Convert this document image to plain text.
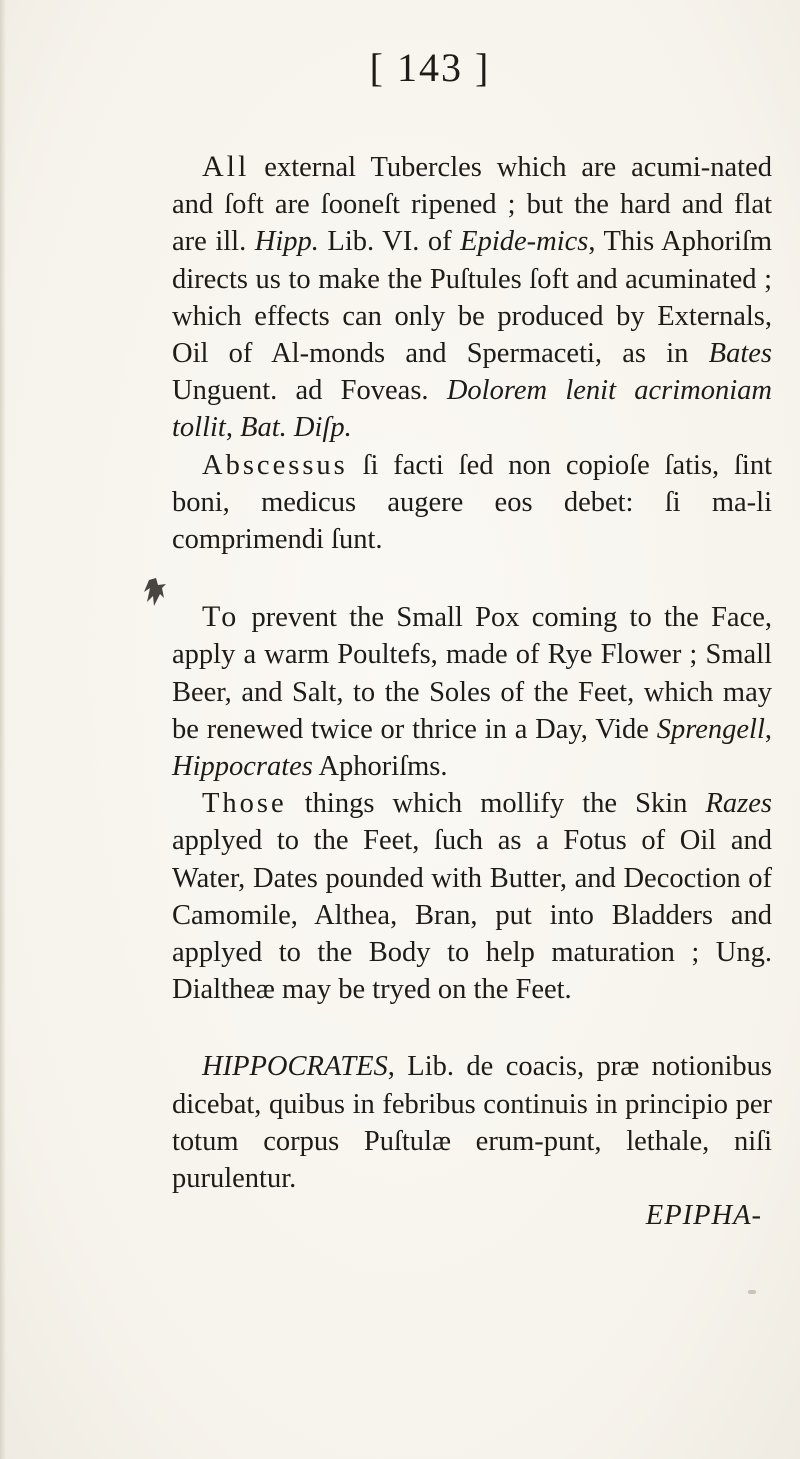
[ 143 ]

All external Tubercles which are acumi-nated and ſoft are ſooneſt ripened ; but the hard and flat are ill. Hipp. Lib. VI. of Epide-mics, This Aphoriſm directs us to make the Puſtules ſoft and acuminated ; which effects can only be produced by Externals, Oil of Al-monds and Spermaceti, as in Bates Unguent. ad Foveas. Dolorem lenit acrimoniam tollit, Bat. Diſp.

Abscessus ſi facti ſed non copioſe ſatis, ſint boni, medicus augere eos debet: ſi ma-li comprimendi ſunt.

To prevent the Small Pox coming to the Face, apply a warm Poultefs, made of Rye Flower ; Small Beer, and Salt, to the Soles of the Feet, which may be renewed twice or thrice in a Day, Vide Sprengell, Hippocrates Aphoriſms.

Those things which mollify the Skin Razes applyed to the Feet, ſuch as a Fotus of Oil and Water, Dates pounded with Butter, and Decoction of Camomile, Althea, Bran, put into Bladders and applyed to the Body to help maturation ; Ung. Dialtheæ may be tryed on the Feet.

HIPPOCRATES, Lib. de coacis, præ notionibus dicebat, quibus in febribus continuis in principio per totum corpus Puſtulæ erum-punt, lethale, niſi purulentur.

EPIPHA-
